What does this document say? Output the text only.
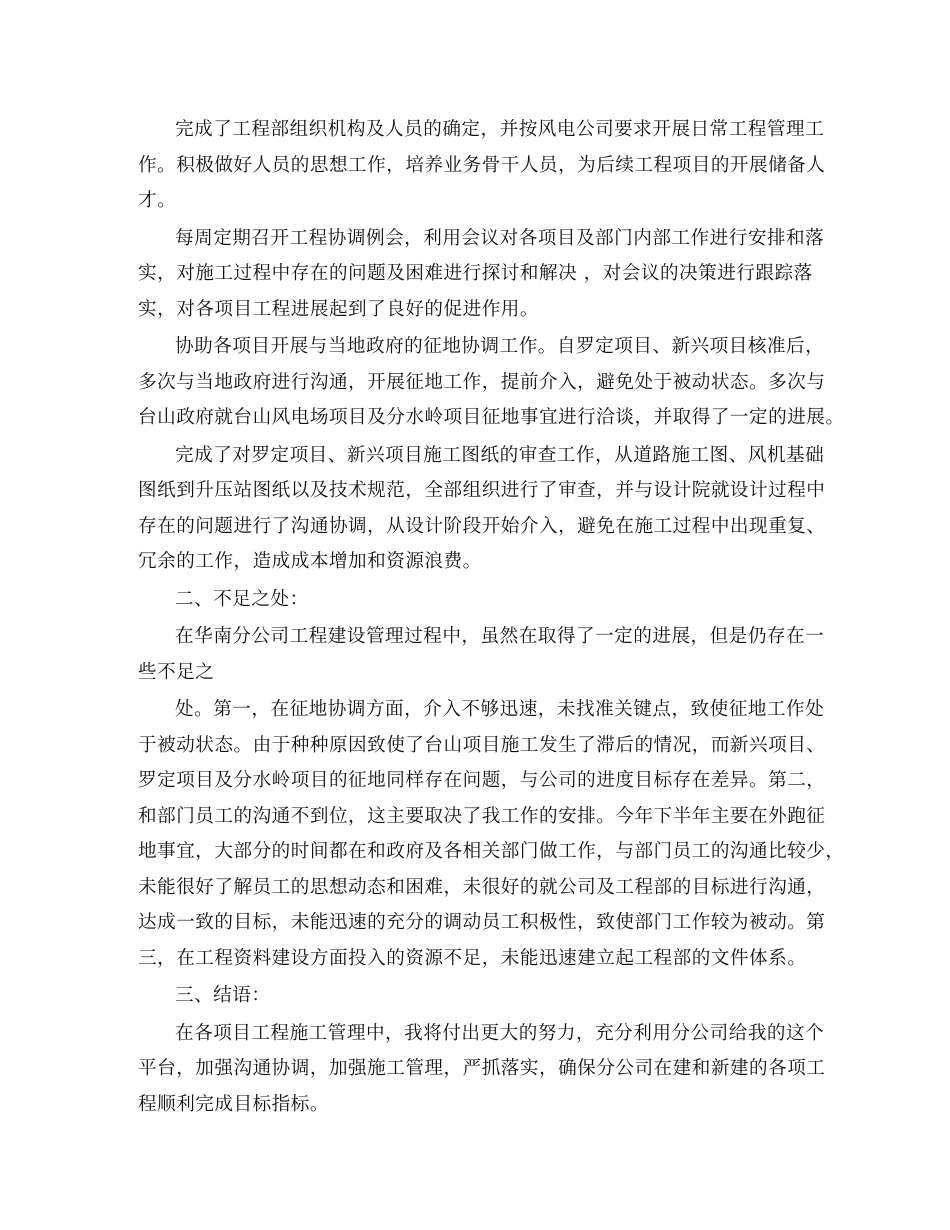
完成了工程部组织机构及人员的确定，并按风电公司要求开展日常工程管理工
作。积极做好人员的思想工作，培养业务骨干人员，为后续工程项目的开展储备人
才。

每周定期召开工程协调例会，利用会议对各项目及部门内部工作进行安排和落
实，对施工过程中存在的问题及困难进行探讨和解决 ，对会议的决策进行跟踪落
实，对各项目工程进展起到了良好的促进作用。

协助各项目开展与当地政府的征地协调工作。自罗定项目、新兴项目核准后，
多次与当地政府进行沟通，开展征地工作，提前介入，避免处于被动状态。多次与
台山政府就台山风电场项目及分水岭项目征地事宜进行洽谈，并取得了一定的进展。

完成了对罗定项目、新兴项目施工图纸的审查工作，从道路施工图、风机基础
图纸到升压站图纸以及技术规范，全部组织进行了审查，并与设计院就设计过程中
存在的问题进行了沟通协调，从设计阶段开始介入，避免在施工过程中出现重复、
冗余的工作，造成成本增加和资源浪费。

二、不足之处：

在华南分公司工程建设管理过程中，虽然在取得了一定的进展，但是仍存在一
些不足之

处。第一，在征地协调方面，介入不够迅速，未找准关键点，致使征地工作处
于被动状态。由于种种原因致使了台山项目施工发生了滞后的情况，而新兴项目、
罗定项目及分水岭项目的征地同样存在问题，与公司的进度目标存在差异。第二，
和部门员工的沟通不到位，这主要取决了我工作的安排。今年下半年主要在外跑征
地事宜，大部分的时间都在和政府及各相关部门做工作，与部门员工的沟通比较少，
未能很好了解员工的思想动态和困难，未很好的就公司及工程部的目标进行沟通，
达成一致的目标，未能迅速的充分的调动员工积极性，致使部门工作较为被动。第
三，在工程资料建设方面投入的资源不足，未能迅速建立起工程部的文件体系。

三、结语：

在各项目工程施工管理中，我将付出更大的努力，充分利用分公司给我的这个
平台，加强沟通协调，加强施工管理，严抓落实，确保分公司在建和新建的各项工
程顺利完成目标指标。
